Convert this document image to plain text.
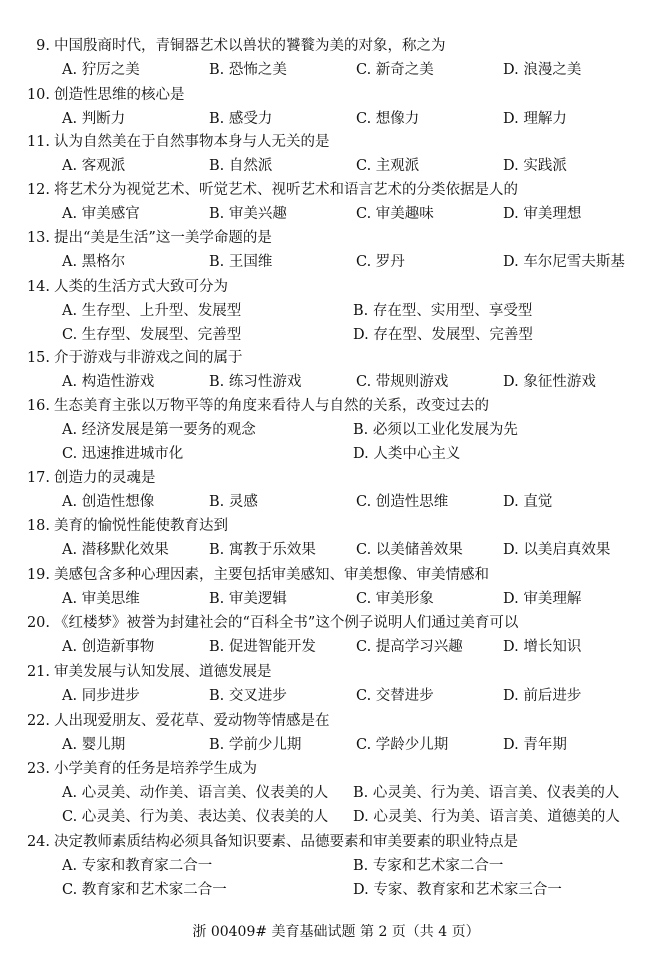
9. 中国殷商时代，青铜器艺术以兽状的饕餮为美的对象，称之为
A. 狞厉之美	B. 恐怖之美	C. 新奇之美	D. 浪漫之美
10. 创造性思维的核心是
A. 判断力	B. 感受力	C. 想像力	D. 理解力
11. 认为自然美在于自然事物本身与人无关的是
A. 客观派	B. 自然派	C. 主观派	D. 实践派
12. 将艺术分为视觉艺术、听觉艺术、视听艺术和语言艺术的分类依据是人的
A. 审美感官	B. 审美兴趣	C. 审美趣味	D. 审美理想
13. 提出“美是生活”这一美学命题的是
A. 黑格尔	B. 王国维	C. 罗丹	D. 车尔尼雪夫斯基
14. 人类的生活方式大致可分为
A. 生存型、上升型、发展型	B. 存在型、实用型、享受型
C. 生存型、发展型、完善型	D. 存在型、发展型、完善型
15. 介于游戏与非游戏之间的属于
A. 构造性游戏	B. 练习性游戏	C. 带规则游戏	D. 象征性游戏
16. 生态美育主张以万物平等的角度来看待人与自然的关系，改变过去的
A. 经济发展是第一要务的观念	B. 必须以工业化发展为先
C. 迅速推进城市化	D. 人类中心主义
17. 创造力的灵魂是
A. 创造性想像	B. 灵感	C. 创造性思维	D. 直觉
18. 美育的愉悦性能使教育达到
A. 潜移默化效果	B. 寓教于乐效果	C. 以美储善效果	D. 以美启真效果
19. 美感包含多种心理因素，主要包括审美感知、审美想像、审美情感和
A. 审美思维	B. 审美逻辑	C. 审美形象	D. 审美理解
20. 《红楼梦》被誉为封建社会的“百科全书”这个例子说明人们通过美育可以
A. 创造新事物	B. 促进智能开发	C. 提高学习兴趣	D. 增长知识
21. 审美发展与认知发展、道德发展是
A. 同步进步	B. 交叉进步	C. 交替进步	D. 前后进步
22. 人出现爱朋友、爱花草、爱动物等情感是在
A. 婴儿期	B. 学前少儿期	C. 学龄少儿期	D. 青年期
23. 小学美育的任务是培养学生成为
A. 心灵美、动作美、语言美、仪表美的人 B. 心灵美、行为美、语言美、仪表美的人
C. 心灵美、行为美、表达美、仪表美的人 D. 心灵美、行为美、语言美、道德美的人
24. 决定教师素质结构必须具备知识要素、品德要素和审美要素的职业特点是
A. 专家和教育家二合一	B. 专家和艺术家二合一
C. 教育家和艺术家二合一	D. 专家、教育家和艺术家三合一
浙 00409# 美育基础试题 第 2 页（共 4 页）
